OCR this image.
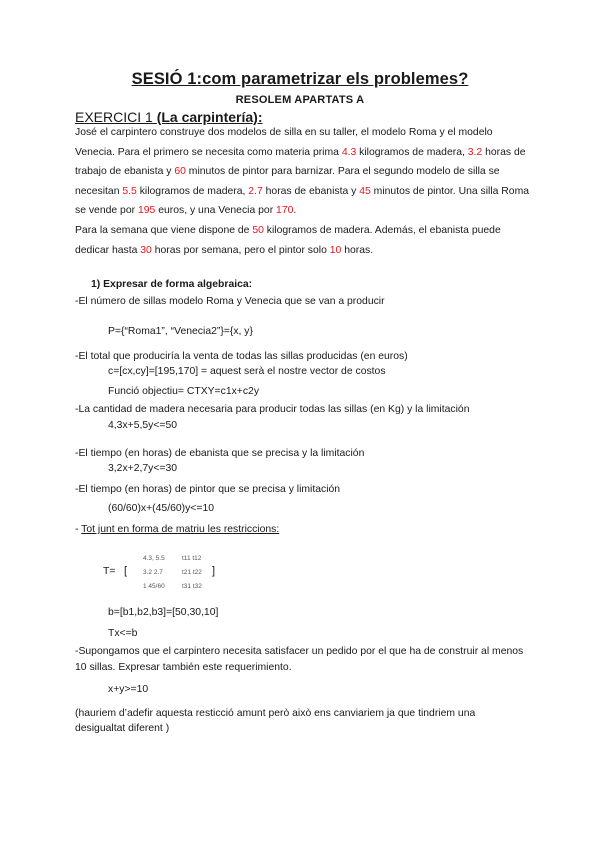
SESIÓ 1:com parametrizar els problemes?
RESOLEM APARTATS A
EXERCICI 1 (La carpintería):
José el carpintero construye dos modelos de silla en su taller, el modelo Roma y el modelo Venecia. Para el primero se necesita como materia prima 4.3 kilogramos de madera, 3.2 horas de trabajo de ebanista y 60 minutos de pintor para barnizar. Para el segundo modelo de silla se necesitan 5.5 kilogramos de madera, 2.7 horas de ebanista y 45 minutos de pintor. Una silla Roma se vende por 195 euros, y una Venecia por 170.
Para la semana que viene dispone de 50 kilogramos de madera. Además, el ebanista puede dedicar hasta 30 horas por semana, pero el pintor solo 10 horas.
1) Expresar de forma algebraica:
-El número de sillas modelo Roma y Venecia que se van a producir
P={“Roma1”, “Venecia2”}={x, y}
-El total que produciría la venta de todas las sillas producidas (en euros)
c=[cx,cy]=[195,170] = aquest serà el nostre vector de costos
Funció objectiu= CTXY=c1x+c2y
-La cantidad de madera necesaria para producir todas las sillas (en Kg) y la limitación
4,3x+5,5y<=50
-El tiempo (en horas) de ebanista que se precisa y la limitación
3,2x+2,7y<=30
-El tiempo (en horas) de pintor que se precisa y limitación
(60/60)x+(45/60)y<=10
- Tot junt en forma de matriu les restriccions:
T= [	]
4.3, 5.5	t11 t12
3.2 2.7	t21 t22
1 45/60	t31 t32
b=[b1,b2,b3]=[50,30,10]
Tx<=b
-Supongamos que el carpintero necesita satisfacer un pedido por el que ha de construir al menos 10 sillas. Expresar también este requerimiento.
x+y>=10
(hauriem d’adefir aquesta resticció amunt però això ens canviariem ja que tindriem una desigualtat diferent )
